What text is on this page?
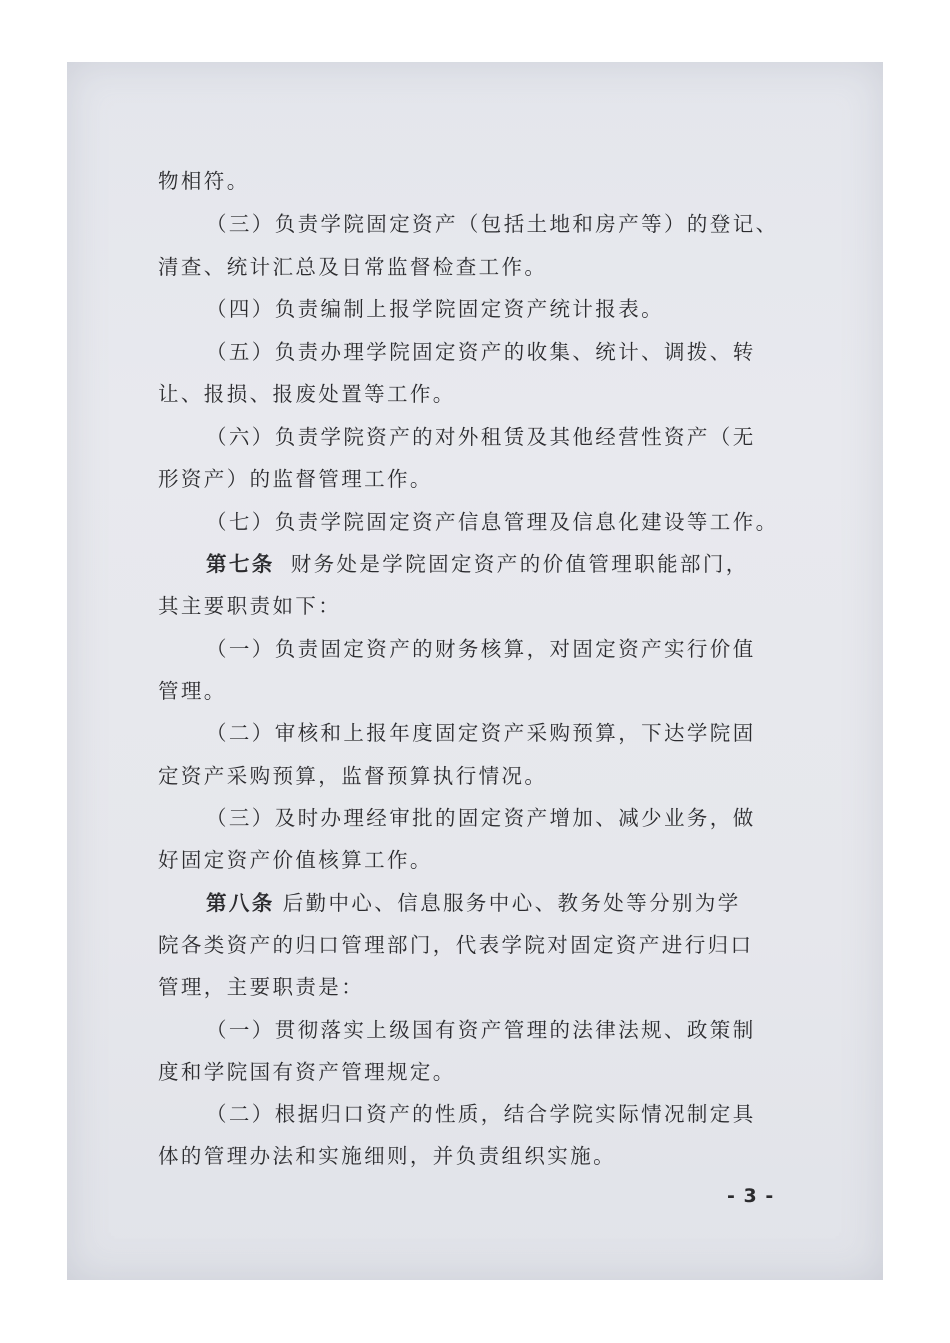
物相符。
（三）负责学院固定资产（包括土地和房产等）的登记、
清查、统计汇总及日常监督检查工作。
（四）负责编制上报学院固定资产统计报表。
（五）负责办理学院固定资产的收集、统计、调拨、转
让、报损、报废处置等工作。
（六）负责学院资产的对外租赁及其他经营性资产（无
形资产）的监督管理工作。
（七）负责学院固定资产信息管理及信息化建设等工作。
第七条 财务处是学院固定资产的价值管理职能部门，
其主要职责如下：
（一）负责固定资产的财务核算，对固定资产实行价值
管理。
（二）审核和上报年度固定资产采购预算，下达学院固
定资产采购预算，监督预算执行情况。
（三）及时办理经审批的固定资产增加、减少业务，做
好固定资产价值核算工作。
第八条 后勤中心、信息服务中心、教务处等分别为学
院各类资产的归口管理部门，代表学院对固定资产进行归口
管理，主要职责是：
（一）贯彻落实上级国有资产管理的法律法规、政策制
度和学院国有资产管理规定。
（二）根据归口资产的性质，结合学院实际情况制定具
体的管理办法和实施细则，并负责组织实施。
- 3 -
